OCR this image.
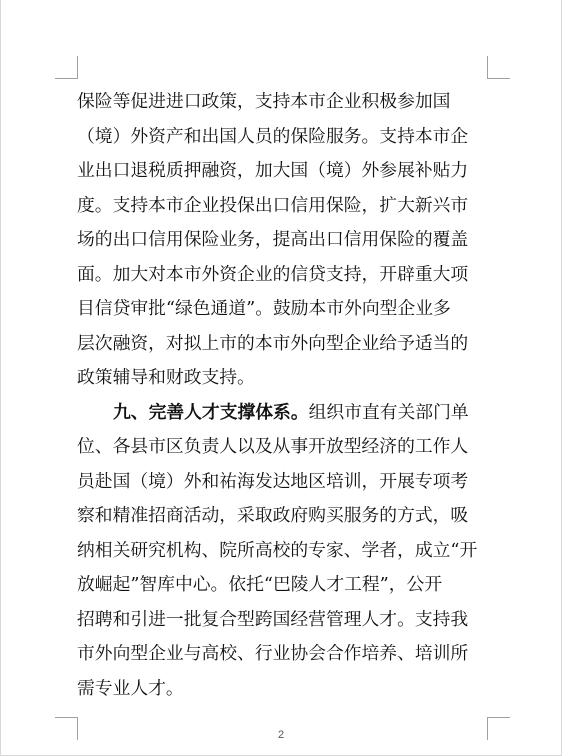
保险等促进进口政策，支持本市企业积极参加国
（境）外资产和出国人员的保险服务。支持本市企
业出口退税质押融资，加大国（境）外参展补贴力
度。支持本市企业投保出口信用保险，扩大新兴市
场的出口信用保险业务，提高出口信用保险的覆盖
面。加大对本市外资企业的信贷支持，开辟重大项
目信贷审批“绿色通道”。鼓励本市外向型企业多
层次融资，对拟上市的本市外向型企业给予适当的
政策辅导和财政支持。
九、完善人才支撑体系。组织市直有关部门单
位、各县市区负责人以及从事开放型经济的工作人
员赴国（境）外和祐海发达地区培训，开展专项考
察和精准招商活动，采取政府购买服务的方式，吸
纳相关研究机构、院所高校的专家、学者，成立“开
放崛起”智库中心。依托“巴陵人才工程”，公开
招聘和引进一批复合型跨国经营管理人才。支持我
市外向型企业与高校、行业协会合作培养、培训所
需专业人才。
2
